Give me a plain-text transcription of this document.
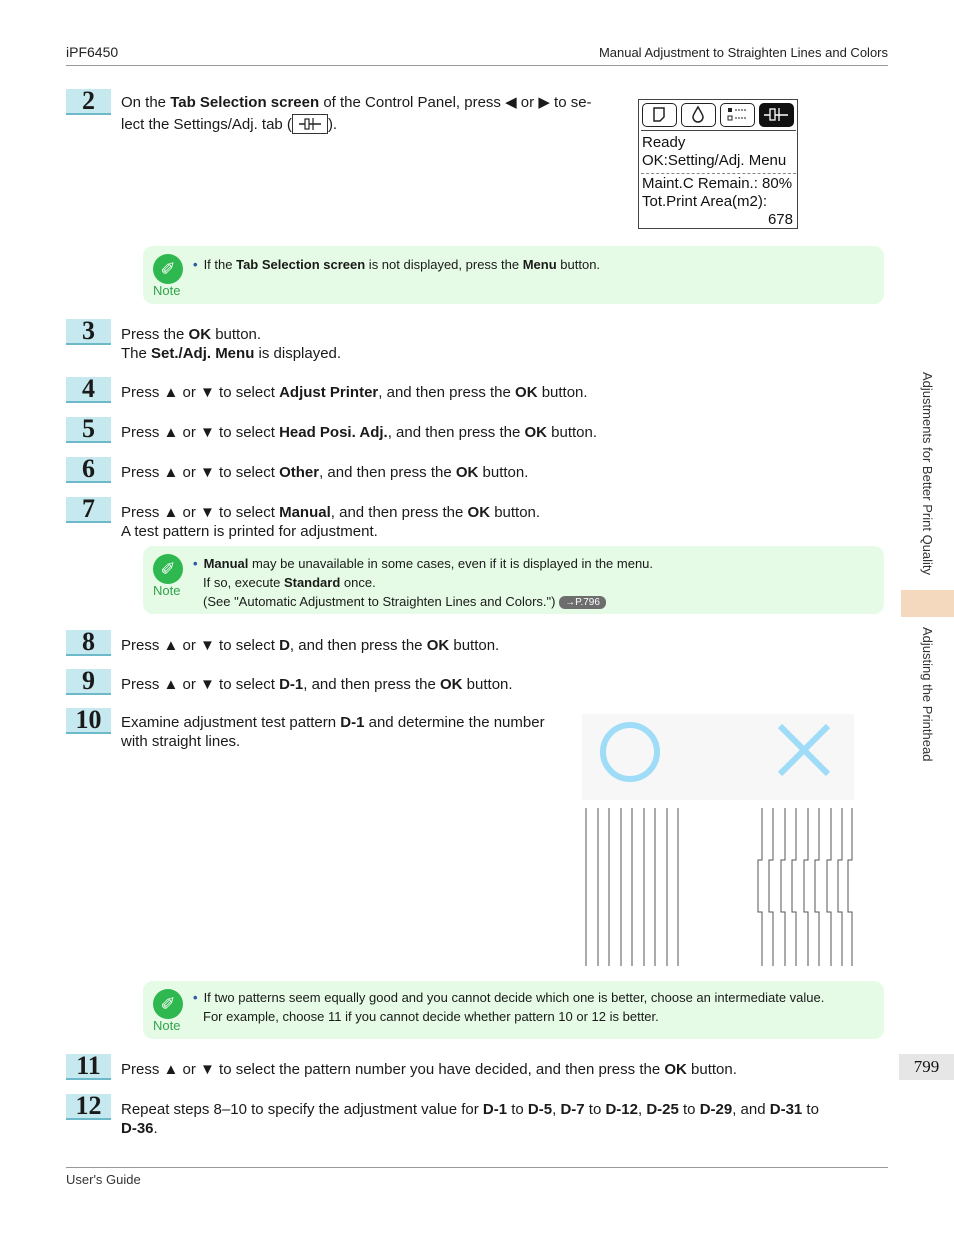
iPF6450	Manual Adjustment to Straighten Lines and Colors
2	On the Tab Selection screen of the Control Panel, press ◀ or ▶ to se-
lect the Settings/Adj. tab ( ).
Ready
OK:Setting/Adj. Menu
Maint.C Remain.: 80%
Tot.Print Area(m2):
678
✐
Note
• If the Tab Selection screen is not displayed, press the Menu button.
3	Press the OK button.
The Set./Adj. Menu is displayed.
4	Press ▲ or ▼ to select Adjust Printer, and then press the OK button.
5	Press ▲ or ▼ to select Head Posi. Adj., and then press the OK button.
6	Press ▲ or ▼ to select Other, and then press the OK button.
7	Press ▲ or ▼ to select Manual, and then press the OK button.
A test pattern is printed for adjustment.
✐
Note
• Manual may be unavailable in some cases, even if it is displayed in the menu.
If so, execute Standard once.
(See "Automatic Adjustment to Straighten Lines and Colors.") →P.796
8	Press ▲ or ▼ to select D, and then press the OK button.
9	Press ▲ or ▼ to select D-1, and then press the OK button.
10	Examine adjustment test pattern D-1 and determine the number
with straight lines.
✐
Note
• If two patterns seem equally good and you cannot decide which one is better, choose an intermediate value.
For example, choose 11 if you cannot decide whether pattern 10 or 12 is better.
11	Press ▲ or ▼ to select the pattern number you have decided, and then press the OK button.
12	Repeat steps 8–10 to specify the adjustment value for D-1 to D-5, D-7 to D-12, D-25 to D-29, and D-31 to
D-36.
Adjustments for Better Print Quality
Adjusting the Printhead
799
User's Guide
